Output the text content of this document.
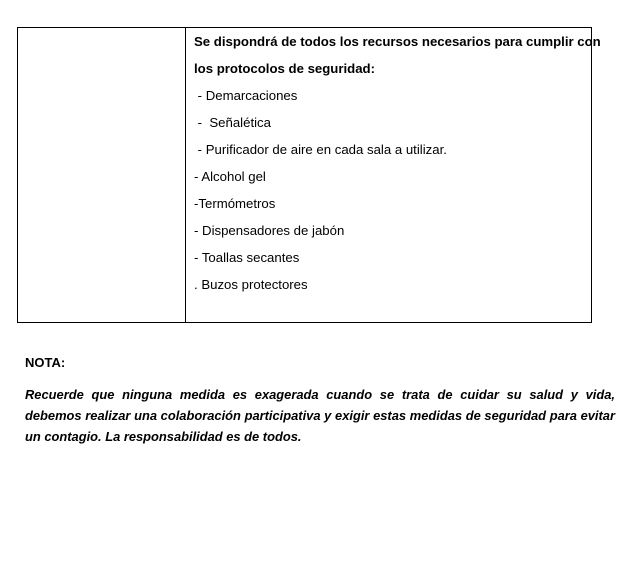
Se dispondrá de todos los recursos necesarios para cumplir con
los protocolos de seguridad:

- Demarcaciones
-  Señalética
- Purificador de aire en cada sala a utilizar.
- Alcohol gel
-Termómetros
- Dispensadores de jabón
- Toallas secantes
. Buzos protectores

NOTA:

Recuerde que ninguna medida es exagerada cuando se trata de cuidar su salud y vida, debemos realizar una colaboración participativa y exigir estas medidas de seguridad para evitar un contagio. La responsabilidad es de todos.
